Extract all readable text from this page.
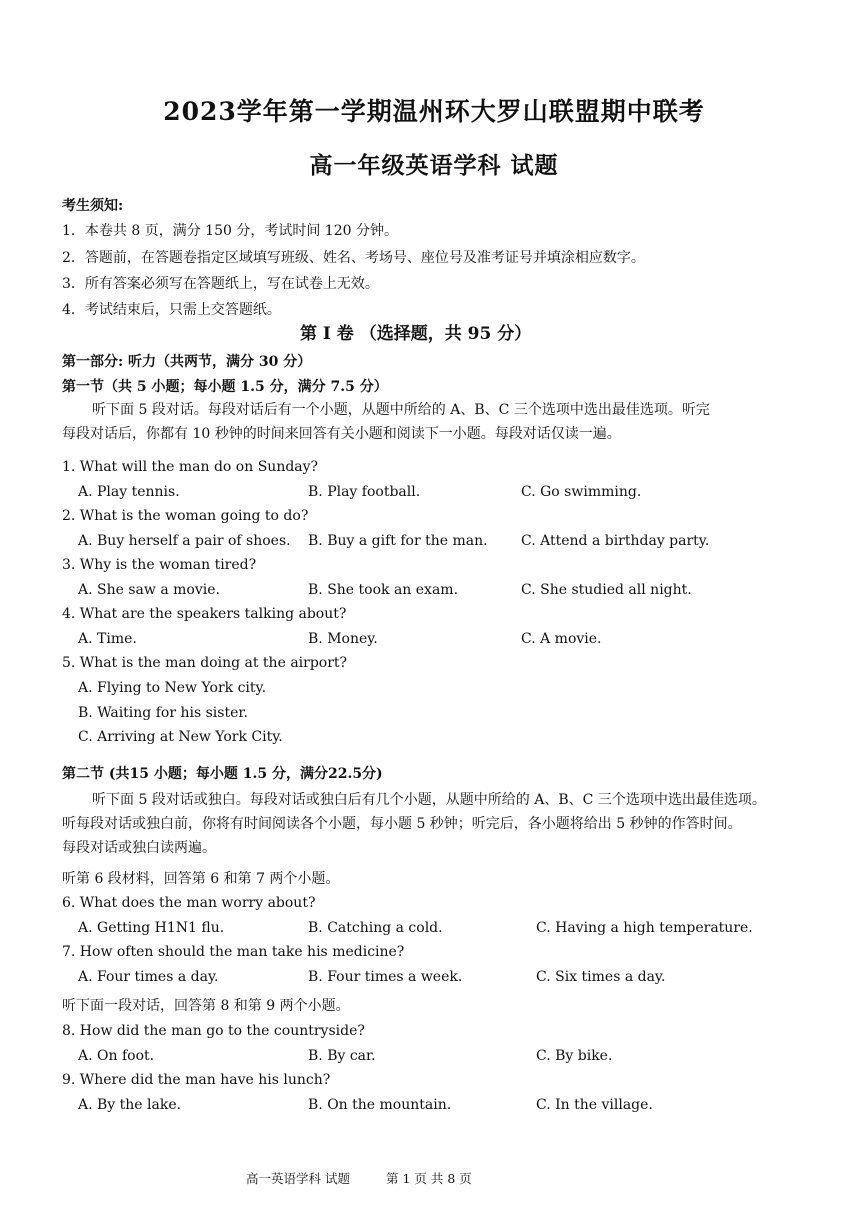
2023学年第一学期温州环大罗山联盟期中联考
高一年级英语学科 试题
考生须知:
1．本卷共 8 页，满分 150 分，考试时间 120 分钟。
2．答题前，在答题卷指定区域填写班级、姓名、考场号、座位号及准考证号并填涂相应数字。
3．所有答案必须写在答题纸上，写在试卷上无效。
4．考试结束后，只需上交答题纸。
第 I 卷 （选择题，共 95 分）
第一部分: 听力（共两节，满分 30 分）
第一节（共 5 小题；每小题 1.5 分，满分 7.5 分）
听下面 5 段对话。每段对话后有一个小题，从题中所给的 A、B、C 三个选项中选出最佳选项。听完
每段对话后，你都有 10 秒钟的时间来回答有关小题和阅读下一小题。每段对话仅读一遍。
1. What will the man do on Sunday?
A. Play tennis.	B. Play football.	C. Go swimming.
2. What is the woman going to do?
A. Buy herself a pair of shoes. B. Buy a gift for the man. C. Attend a birthday party.
3. Why is the woman tired?
A. She saw a movie.	B. She took an exam.	C. She studied all night.
4. What are the speakers talking about?
A. Time.	B. Money.	C. A movie.
5. What is the man doing at the airport?
A. Flying to New York city.
B. Waiting for his sister.
C. Arriving at New York City.
第二节 (共15 小题；每小题 1.5 分，满分22.5分)
听下面 5 段对话或独白。每段对话或独白后有几个小题，从题中所给的 A、B、C 三个选项中选出最佳选项。
听每段对话或独白前，你将有时间阅读各个小题，每小题 5 秒钟；听完后，各小题将给出 5 秒钟的作答时间。
每段对话或独白读两遍。
听第 6 段材料，回答第 6 和第 7 两个小题。
6. What does the man worry about?
A. Getting H1N1 flu.	B. Catching a cold.	C. Having a high temperature.
7. How often should the man take his medicine?
A. Four times a day.	B. Four times a week.	C. Six times a day.
听下面一段对话，回答第 8 和第 9 两个小题。
8. How did the man go to the countryside?
A. On foot.	B. By car.	C. By bike.
9. Where did the man have his lunch?
A. By the lake.	B. On the mountain.	C. In the village.
高一英语学科 试题	第 1 页 共 8 页
